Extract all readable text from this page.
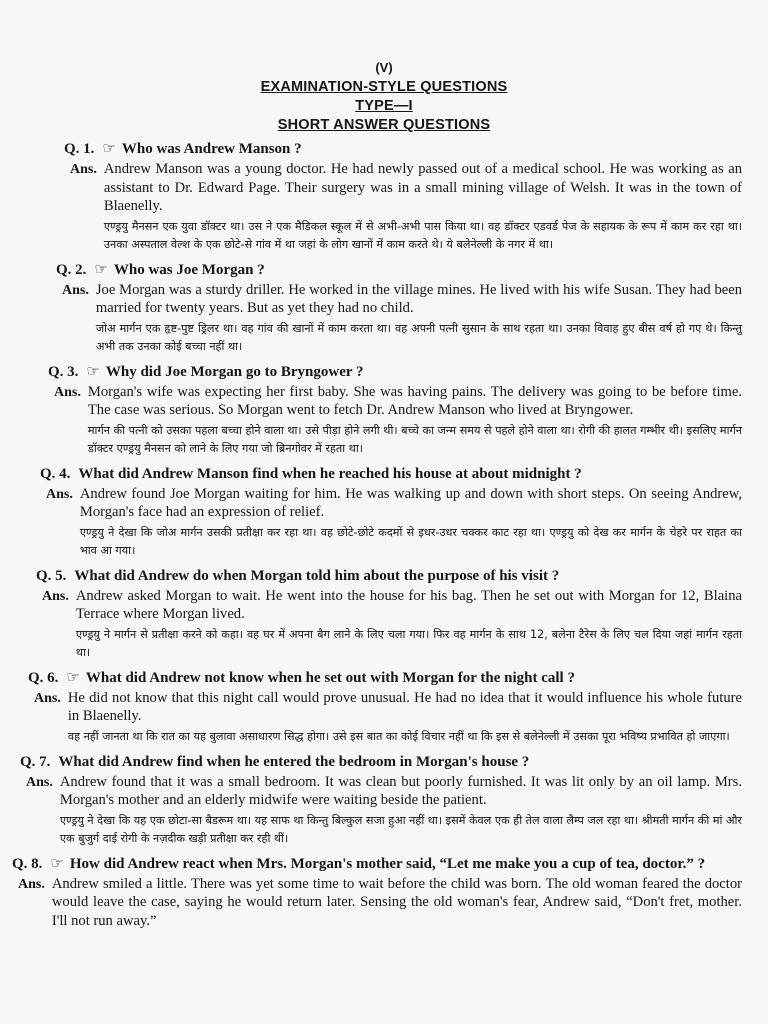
(V)
EXAMINATION-STYLE QUESTIONS
TYPE—I
SHORT ANSWER QUESTIONS
Q. 1. ☞ Who was Andrew Manson ?
Ans. Andrew Manson was a young doctor. He had newly passed out of a medical school. He was working as an assistant to Dr. Edward Page. Their surgery was in a small mining village of Welsh. It was in the town of Blaenelly.
एण्ड्रयु मैनसन एक युवा डॉक्टर था। उस ने एक मैडिकल स्कूल में से अभी-अभी पास किया था। वह डॉक्टर एडवर्ड पेज के सहायक के रूप में काम कर रहा था। उनका अस्पताल वेल्श के एक छोटे-से गांव में था जहां के लोग खानों में काम करते थे। ये बलेनेल्ली के नगर में था।
Q. 2. ☞ Who was Joe Morgan ?
Ans. Joe Morgan was a sturdy driller. He worked in the village mines. He lived with his wife Susan. They had been married for twenty years. But as yet they had no child.
जोअ मार्गन एक हृष्ट-पुष्ट ड्रिलर था। वह गांव की खानों में काम करता था। वह अपनी पत्नी सुसान के साथ रहता था। उनका विवाह हुए बीस वर्ष हो गए थे। किन्तु अभी तक उनका कोई बच्चा नहीं था।
Q. 3. ☞ Why did Joe Morgan go to Bryngower ?
Ans. Morgan's wife was expecting her first baby. She was having pains. The delivery was going to be before time. The case was serious. So Morgan went to fetch Dr. Andrew Manson who lived at Bryngower.
मार्गन की पत्नी को उसका पहला बच्चा होने वाला था। उसे पीड़ा होने लगी थी। बच्चे का जन्म समय से पहले होने वाला था। रोगी की हालत गम्भीर थी। इसलिए मार्गन डॉक्टर एण्ड्रयु मैनसन को लाने के लिए गया जो ब्रिनगोवर में रहता था।
Q. 4. What did Andrew Manson find when he reached his house at about midnight ?
Ans. Andrew found Joe Morgan waiting for him. He was walking up and down with short steps. On seeing Andrew, Morgan's face had an expression of relief.
एण्ड्रयु ने देखा कि जोअ मार्गन उसकी प्रतीक्षा कर रहा था। वह छोटे-छोटे कदमों से इधर-उधर चक्कर काट रहा था। एण्ड्रयु को देख कर मार्गन के चेहरे पर राहत का भाव आ गया।
Q. 5. What did Andrew do when Morgan told him about the purpose of his visit ?
Ans. Andrew asked Morgan to wait. He went into the house for his bag. Then he set out with Morgan for 12, Blaina Terrace where Morgan lived.
एण्ड्रयु ने मार्गन से प्रतीक्षा करने को कहा। वह घर में अपना बैग लाने के लिए चला गया। फिर वह मार्गन के साथ 12, बलेना टैरेस के लिए चल दिया जहां मार्गन रहता था।
Q. 6. ☞ What did Andrew not know when he set out with Morgan for the night call ?
Ans. He did not know that this night call would prove unusual. He had no idea that it would influence his whole future in Blaenelly.
वह नहीं जानता था कि रात का यह बुलावा असाधारण सिद्ध होगा। उसे इस बात का कोई विचार नहीं था कि इस से बलेनेल्ली में उसका पूरा भविष्य प्रभावित हो जाएगा।
Q. 7. What did Andrew find when he entered the bedroom in Morgan's house ?
Ans. Andrew found that it was a small bedroom. It was clean but poorly furnished. It was lit only by an oil lamp. Mrs. Morgan's mother and an elderly midwife were waiting beside the patient.
एण्ड्रयु ने देखा कि यह एक छोटा-सा बैडरूम था। यह साफ था किन्तु बिल्कुल सजा हुआ नहीं था। इसमें केवल एक ही तेल वाला लैम्प जल रहा था। श्रीमती मार्गन की मां और एक बुजुर्ग दाई रोगी के नज़दीक खड़ी प्रतीक्षा कर रही थीं।
Q. 8. ☞ How did Andrew react when Mrs. Morgan's mother said, “Let me make you a cup of tea, doctor.” ?
Ans. Andrew smiled a little. There was yet some time to wait before the child was born. The old woman feared the doctor would leave the case, saying he would return later. Sensing the old woman's fear, Andrew said, “Don't fret, mother. I'll not run away.”
